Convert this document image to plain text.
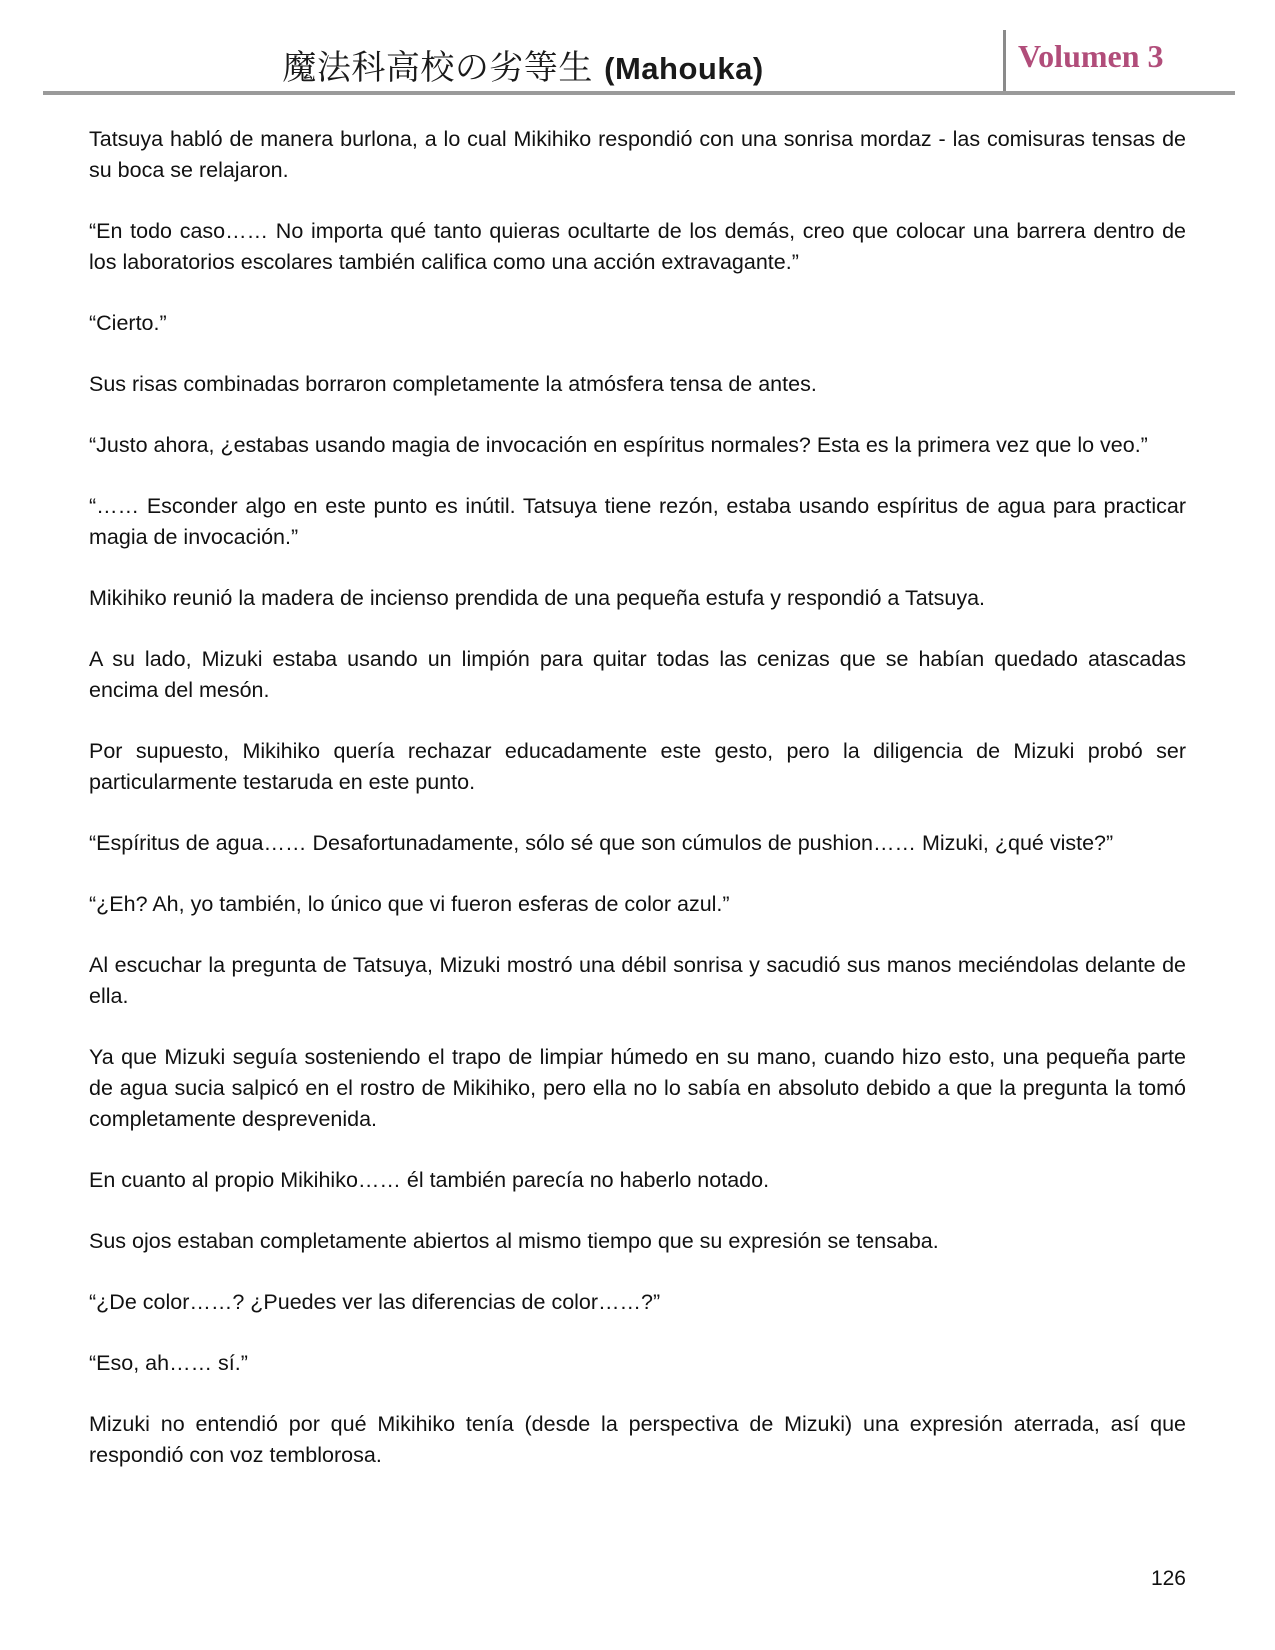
魔法科高校の劣等生 (Mahouka)	Volumen 3

Tatsuya habló de manera burlona, a lo cual Mikihiko respondió con una sonrisa mordaz - las comisuras tensas de su boca se relajaron.

“En todo caso…… No importa qué tanto quieras ocultarte de los demás, creo que colocar una barrera dentro de los laboratorios escolares también califica como una acción extravagante.”

“Cierto.”

Sus risas combinadas borraron completamente la atmósfera tensa de antes.

“Justo ahora, ¿estabas usando magia de invocación en espíritus normales? Esta es la primera vez que lo veo.”

“…… Esconder algo en este punto es inútil. Tatsuya tiene rezón, estaba usando espíritus de agua para practicar magia de invocación.”

Mikihiko reunió la madera de incienso prendida de una pequeña estufa y respondió a Tatsuya.

A su lado, Mizuki estaba usando un limpión para quitar todas las cenizas que se habían quedado atascadas encima del mesón.

Por supuesto, Mikihiko quería rechazar educadamente este gesto, pero la diligencia de Mizuki probó ser particularmente testaruda en este punto.

“Espíritus de agua…… Desafortunadamente, sólo sé que son cúmulos de pushion…… Mizuki, ¿qué viste?”

“¿Eh? Ah, yo también, lo único que vi fueron esferas de color azul.”

Al escuchar la pregunta de Tatsuya, Mizuki mostró una débil sonrisa y sacudió sus manos meciéndolas delante de ella.

Ya que Mizuki seguía sosteniendo el trapo de limpiar húmedo en su mano, cuando hizo esto, una pequeña parte de agua sucia salpicó en el rostro de Mikihiko, pero ella no lo sabía en absoluto debido a que la pregunta la tomó completamente desprevenida.

En cuanto al propio Mikihiko…… él también parecía no haberlo notado.

Sus ojos estaban completamente abiertos al mismo tiempo que su expresión se tensaba.

“¿De color……? ¿Puedes ver las diferencias de color……?”

“Eso, ah…… sí.”

Mizuki no entendió por qué Mikihiko tenía (desde la perspectiva de Mizuki) una expresión aterrada, así que respondió con voz temblorosa.

126
